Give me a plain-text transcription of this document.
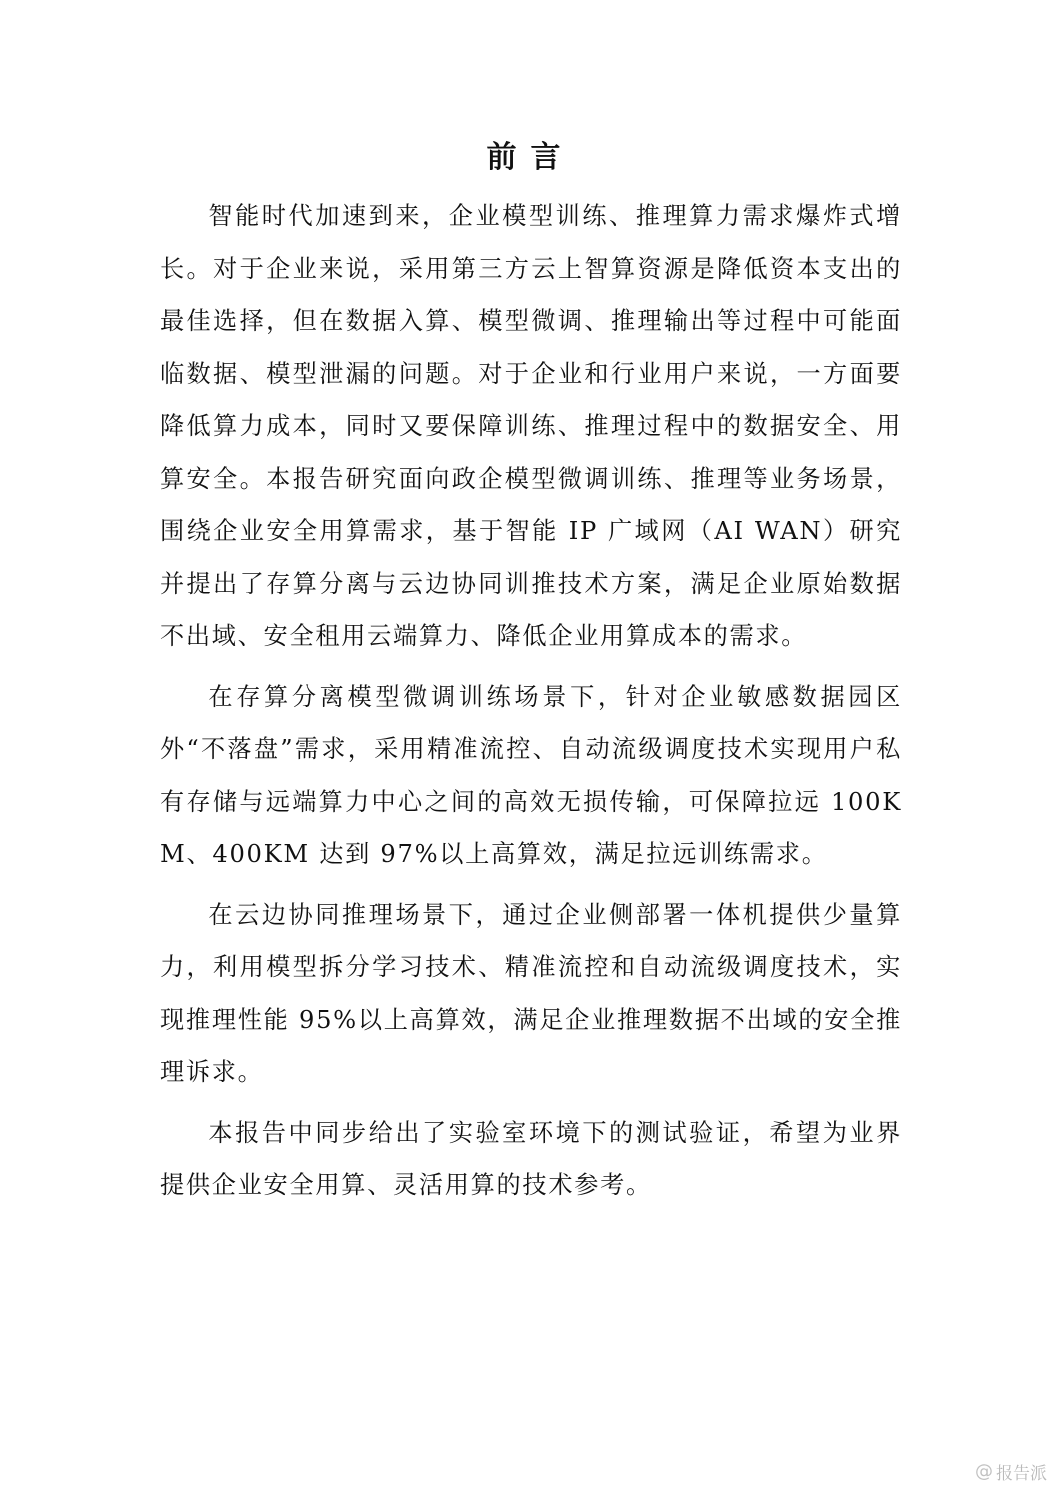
前言

智能时代加速到来，企业模型训练、推理算力需求爆炸式增长。对于企业来说，采用第三方云上智算资源是降低资本支出的最佳选择，但在数据入算、模型微调、推理输出等过程中可能面临数据、模型泄漏的问题。对于企业和行业用户来说，一方面要降低算力成本，同时又要保障训练、推理过程中的数据安全、用算安全。本报告研究面向政企模型微调训练、推理等业务场景，围绕企业安全用算需求，基于智能 IP 广域网（AI WAN）研究并提出了存算分离与云边协同训推技术方案，满足企业原始数据不出域、安全租用云端算力、降低企业用算成本的需求。

在存算分离模型微调训练场景下，针对企业敏感数据园区外“不落盘”需求，采用精准流控、自动流级调度技术实现用户私有存储与远端算力中心之间的高效无损传输，可保障拉远 100KM、400KM 达到 97%以上高算效，满足拉远训练需求。

在云边协同推理场景下，通过企业侧部署一体机提供少量算力，利用模型拆分学习技术、精准流控和自动流级调度技术，实现推理性能 95%以上高算效，满足企业推理数据不出域的安全推理诉求。

本报告中同步给出了实验室环境下的测试验证，希望为业界提供企业安全用算、灵活用算的技术参考。

@ 报告派
